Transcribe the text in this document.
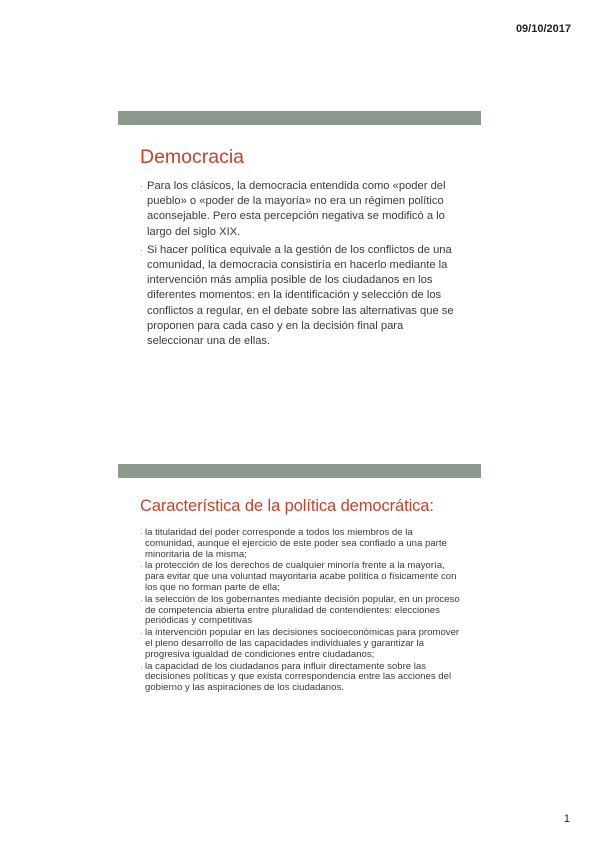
09/10/2017
Democracia
· Para los clásicos, la democracia entendida como «poder del pueblo» o «poder de la mayoría» no era un régimen político aconsejable. Pero esta percepción negativa se modificó a lo largo del siglo XIX.
· Si hacer política equivale a la gestión de los conflictos de una comunidad, la democracia consistiría en hacerlo mediante la intervención más amplia posible de los ciudadanos en los diferentes momentos: en la identificación y selección de los conflictos a regular, en el debate sobre las alternativas que se proponen para cada caso y en la decisión final para seleccionar una de ellas.
Característica de la política democrática:
· la titularidad del poder corresponde a todos los miembros de la comunidad, aunque el ejercicio de este poder sea confiado a una parte minoritaria de la misma;
· la protección de los derechos de cualquier minoría frente a la mayoría, para evitar que una voluntad mayoritaria acabe política o físicamente con los que no forman parte de ella;
· la selección de los gobernantes mediante decisión popular, en un proceso de competencia abierta entre pluralidad de contendientes: elecciones periódicas y competitivas
· la intervención popular en las decisiones socioeconómicas para promover el pleno desarrollo de las capacidades individuales y garantizar la progresiva igualdad de condiciones entre ciudadanos;
· la capacidad de los ciudadanos para influir directamente sobre las decisiones políticas y que exista correspondencia entre las acciones del gobierno y las aspiraciones de los ciudadanos.
1
